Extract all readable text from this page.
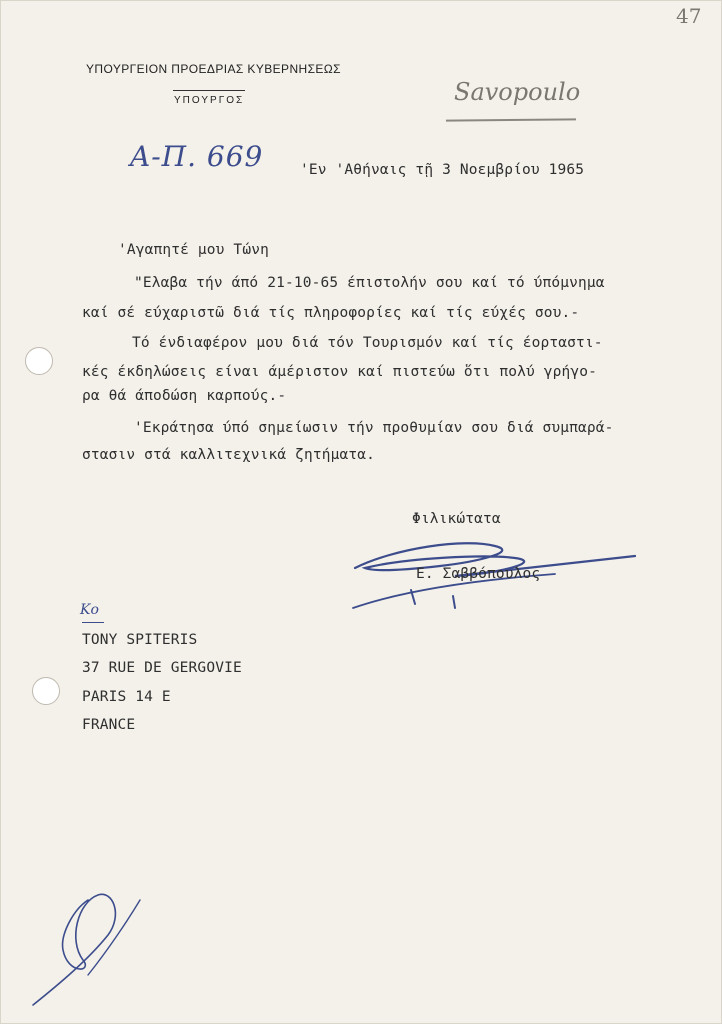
47
ΥΠΟΥΡΓΕΙΟΝ ΠΡΟΕΔΡΙΑΣ ΚΥΒΕΡΝΗΣΕΩΣ
ΥΠΟΥΡΓΟΣ	Savopoulo
Α-Π. 669	'Εν 'Αθήναις τῇ 3 Νοεμβρίου 1965
'Αγαπητέ μου Τώνη
"Ελαβα τήν άπό 21-10-65 έπιστολήν σου καί τό ύπόμνημα
καί σέ εύχαριστῶ διά τίς πληροφορίες καί τίς εύχές σου.-
Τό ένδιαφέρον μου διά τόν Τουρισμόν καί τίς έορταστι-
κές έκδηλώσεις είναι άμέριστον καί πιστεύω ὅτι πολύ γρήγο-
ρα θά άποδώση καρπούς.-
'Εκράτησα ύπό σημείωσιν τήν προθυμίαν σου διά συμπαρά-
στασιν στά καλλιτεχνικά ζητήματα.
Φιλικώτατα
Ε. Σαββόπουλος
Κο
TONY SPITERIS
37 RUE DE GERGOVIE
PARIS 14 E
FRANCE
